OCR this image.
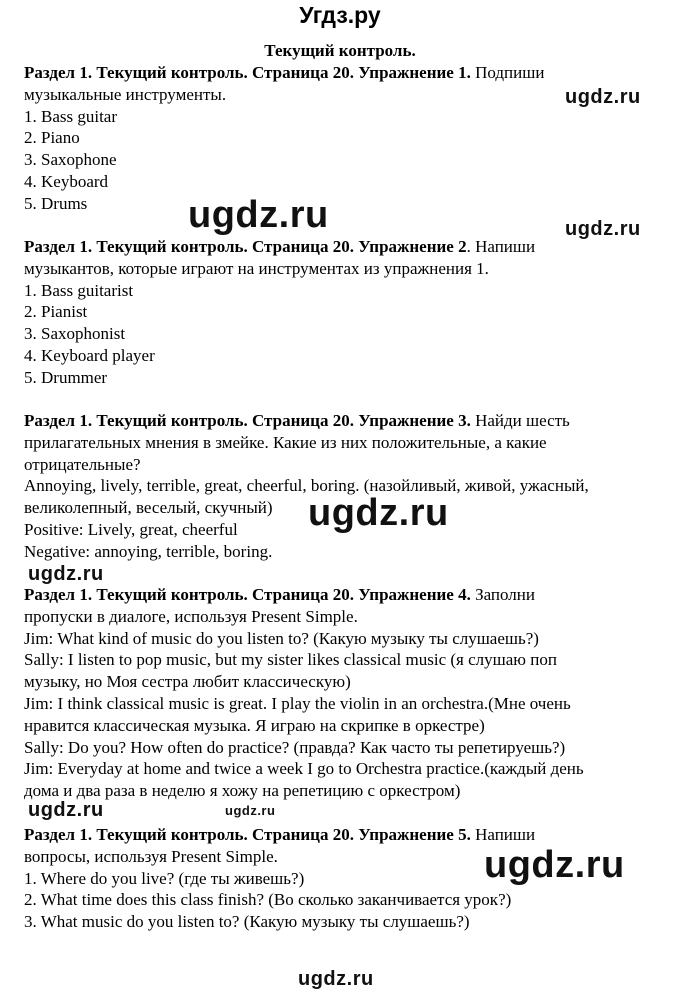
Угдз.ру
Текущий контроль.
Раздел 1. Текущий контроль. Страница 20. Упражнение 1. Подпиши
музыкальные инструменты.
1. Bass guitar
2. Piano
3. Saxophone
4. Keyboard
5. Drums
Раздел 1. Текущий контроль. Страница 20. Упражнение 2. Напиши
музыкантов, которые играют на инструментах из упражнения 1.
1. Bass guitarist
2. Pianist
3. Saxophonist
4. Keyboard player
5. Drummer
Раздел 1. Текущий контроль. Страница 20. Упражнение 3. Найди шесть
прилагательных мнения в змейке. Какие из них положительные, а какие
отрицательные?
Annoying, lively, terrible, great, cheerful, boring. (назойливый, живой, ужасный,
великолепный, веселый, скучный)
Positive: Lively, great, cheerful
Negative: annoying, terrible, boring.
Раздел 1. Текущий контроль. Страница 20. Упражнение 4. Заполни
пропуски в диалоге, используя Present Simple.
Jim: What kind of music do you listen to? (Какую музыку ты слушаешь?)
Sally: I listen to pop music, but my sister likes classical music (я слушаю поп
музыку, но Моя сестра любит классическую)
Jim: I think classical music is great. I play the violin in an orchestra.(Мне очень
нравится классическая музыка. Я играю на скрипке в оркестре)
Sally: Do you? How often do practice? (правда? Как часто ты репетируешь?)
Jim: Everyday at home and twice a week I go to Orchestra practice.(каждый день
дома и два раза в неделю я хожу на репетицию с оркестром)
Раздел 1. Текущий контроль. Страница 20. Упражнение 5. Напиши
вопросы, используя Present Simple.
1. Where do you live? (где ты живешь?)
2. What time does this class finish? (Во сколько заканчивается урок?)
3. What music do you listen to? (Какую музыку ты слушаешь?)
ugdz.ru
ugdz.ru	ugdz.ru
ugdz.ru
ugdz.ru
ugdz.ru	ugdz.ru
ugdz.ru
ugdz.ru
